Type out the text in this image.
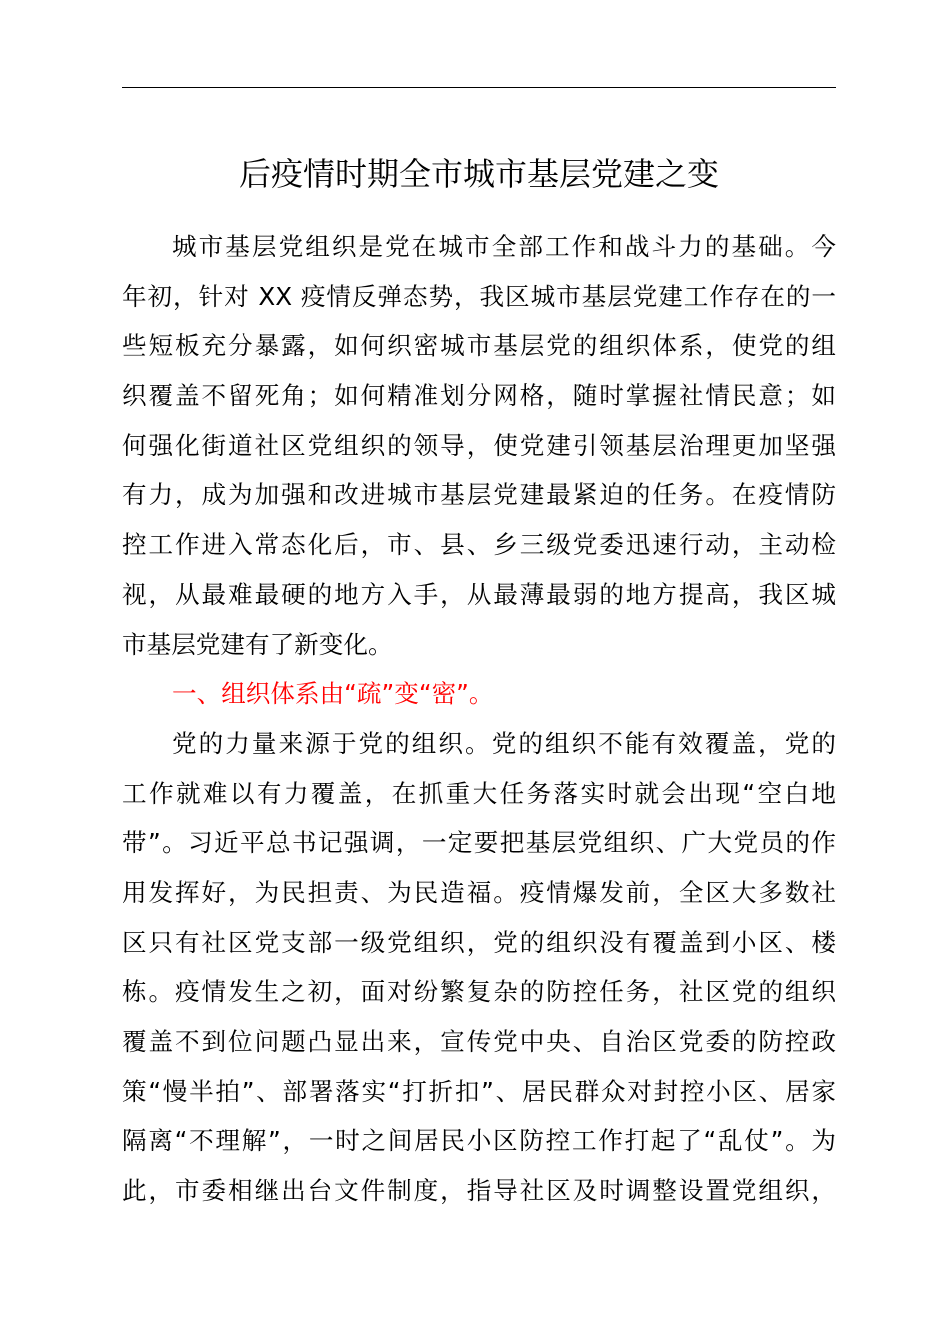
后疫情时期全市城市基层党建之变
城市基层党组织是党在城市全部工作和战斗力的基础。今
年初，针对 XX 疫情反弹态势，我区城市基层党建工作存在的一
些短板充分暴露，如何织密城市基层党的组织体系，使党的组
织覆盖不留死角；如何精准划分网格，随时掌握社情民意；如
何强化街道社区党组织的领导，使党建引领基层治理更加坚强
有力，成为加强和改进城市基层党建最紧迫的任务。在疫情防
控工作进入常态化后，市、县、乡三级党委迅速行动，主动检
视，从最难最硬的地方入手，从最薄最弱的地方提高，我区城
市基层党建有了新变化。
一、组织体系由“疏”变“密”。
党的力量来源于党的组织。党的组织不能有效覆盖，党的
工作就难以有力覆盖，在抓重大任务落实时就会出现“空白地
带”。习近平总书记强调，一定要把基层党组织、广大党员的作
用发挥好，为民担责、为民造福。疫情爆发前，全区大多数社
区只有社区党支部一级党组织，党的组织没有覆盖到小区、楼
栋。疫情发生之初，面对纷繁复杂的防控任务，社区党的组织
覆盖不到位问题凸显出来，宣传党中央、自治区党委的防控政
策“慢半拍”、部署落实“打折扣”、居民群众对封控小区、居家
隔离“不理解”，一时之间居民小区防控工作打起了“乱仗”。为
此，市委相继出台文件制度，指导社区及时调整设置党组织，
